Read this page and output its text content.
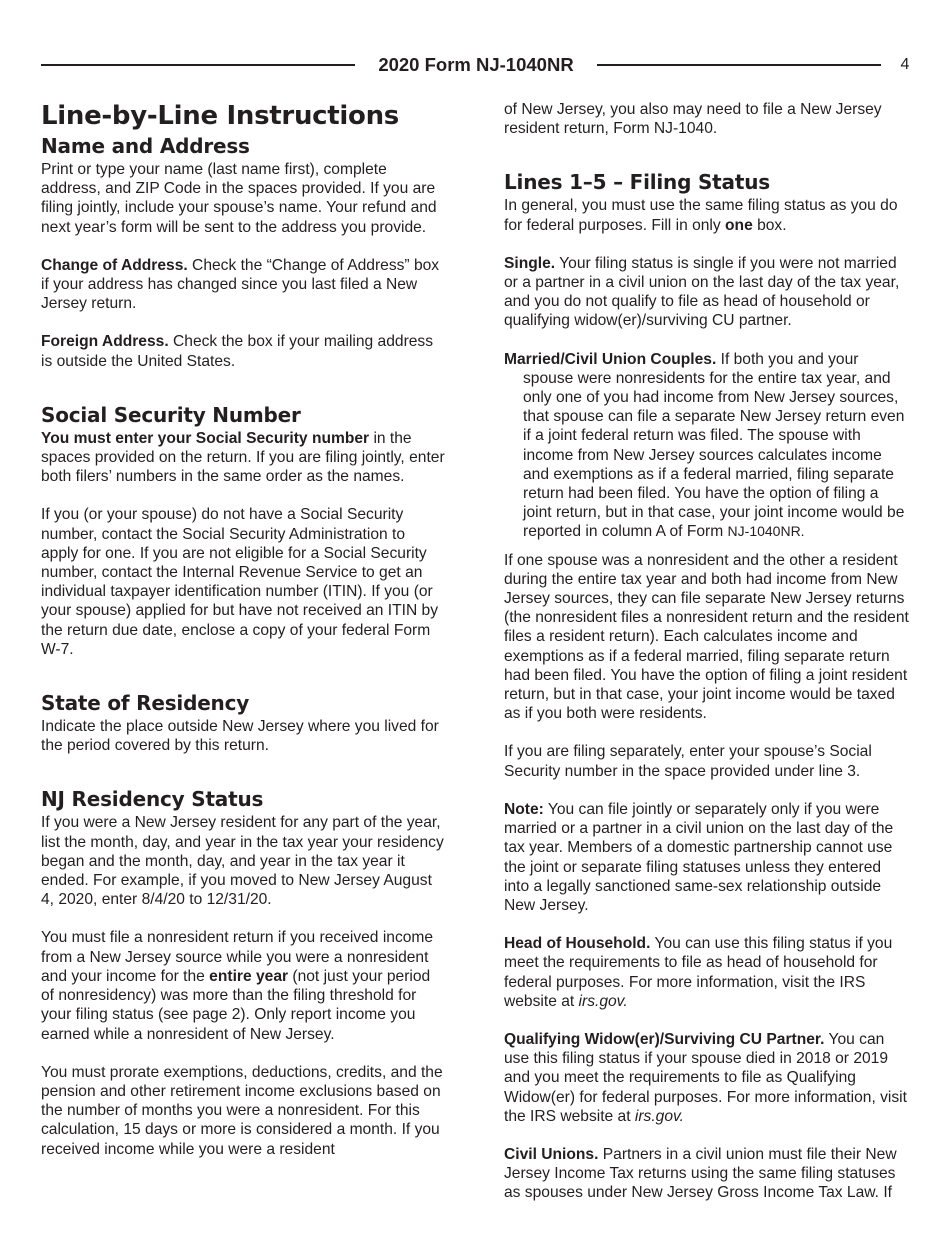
2020 Form NJ-1040NR	4
Line-by-Line Instructions
Name and Address

Print or type your name (last name first), complete address, and ZIP Code in the spaces provided. If you are filing jointly, include your spouse’s name. Your refund and next year’s form will be sent to the address you provide.

Change of Address. Check the “Change of Address” box if your address has changed since you last filed a New Jersey return.

Foreign Address. Check the box if your mailing address is outside the United States.

Social Security Number

You must enter your Social Security number in the spaces provided on the return. If you are filing jointly, enter both filers’ numbers in the same order as the names.

If you (or your spouse) do not have a Social Security number, contact the Social Security Administration to apply for one. If you are not eligible for a Social Security number, contact the Internal Revenue Service to get an individual taxpayer identification number (ITIN). If you (or your spouse) applied for but have not received an ITIN by the return due date, enclose a copy of your federal Form W-7.

State of Residency

Indicate the place outside New Jersey where you lived for the period covered by this return.

NJ Residency Status

If you were a New Jersey resident for any part of the year, list the month, day, and year in the tax year your residency began and the month, day, and year in the tax year it ended. For example, if you moved to New Jersey August 4, 2020, enter 8/4/20 to 12/31/20.

You must file a nonresident return if you received income from a New Jersey source while you were a nonresident and your income for the entire year (not just your period of nonresidency) was more than the filing threshold for your filing status (see page 2). Only report income you earned while a nonresident of New Jersey.

You must prorate exemptions, deductions, credits, and the pension and other retirement income exclusions based on the number of months you were a nonresident. For this calculation, 15 days or more is considered a month. If you received income while you were a resident

of New Jersey, you also may need to file a New Jersey resident return, Form NJ-1040.

Lines 1–5 – Filing Status

In general, you must use the same filing status as you do for federal purposes. Fill in only one box.

Single. Your filing status is single if you were not married or a partner in a civil union on the last day of the tax year, and you do not qualify to file as head of household or qualifying widow(er)/surviving CU partner.

Married/Civil Union Couples. If both you and your spouse were nonresidents for the entire tax year, and only one of you had income from New Jersey sources, that spouse can file a separate New Jersey return even if a joint federal return was filed. The spouse with income from New Jersey sources calculates income and exemptions as if a federal married, filing separate return had been filed. You have the option of filing a joint return, but in that case, your joint income would be reported in column A of Form NJ-1040NR.

If one spouse was a nonresident and the other a resident during the entire tax year and both had income from New Jersey sources, they can file separate New Jersey returns (the nonresident files a nonresident return and the resident files a resident return). Each calculates income and exemptions as if a federal married, filing separate return had been filed. You have the option of filing a joint resident return, but in that case, your joint income would be taxed as if you both were residents.

If you are filing separately, enter your spouse’s Social Security number in the space provided under line 3.

Note: You can file jointly or separately only if you were married or a partner in a civil union on the last day of the tax year. Members of a domestic partnership cannot use the joint or separate filing statuses unless they entered into a legally sanctioned same-sex relationship outside New Jersey.

Head of Household. You can use this filing status if you meet the requirements to file as head of household for federal purposes. For more information, visit the IRS website at irs.gov.

Qualifying Widow(er)/Surviving CU Partner. You can use this filing status if your spouse died in 2018 or 2019 and you meet the requirements to file as Qualifying Widow(er) for federal purposes. For more information, visit the IRS website at irs.gov.

Civil Unions. Partners in a civil union must file their New Jersey Income Tax returns using the same filing statuses as spouses under New Jersey Gross Income Tax Law. If
